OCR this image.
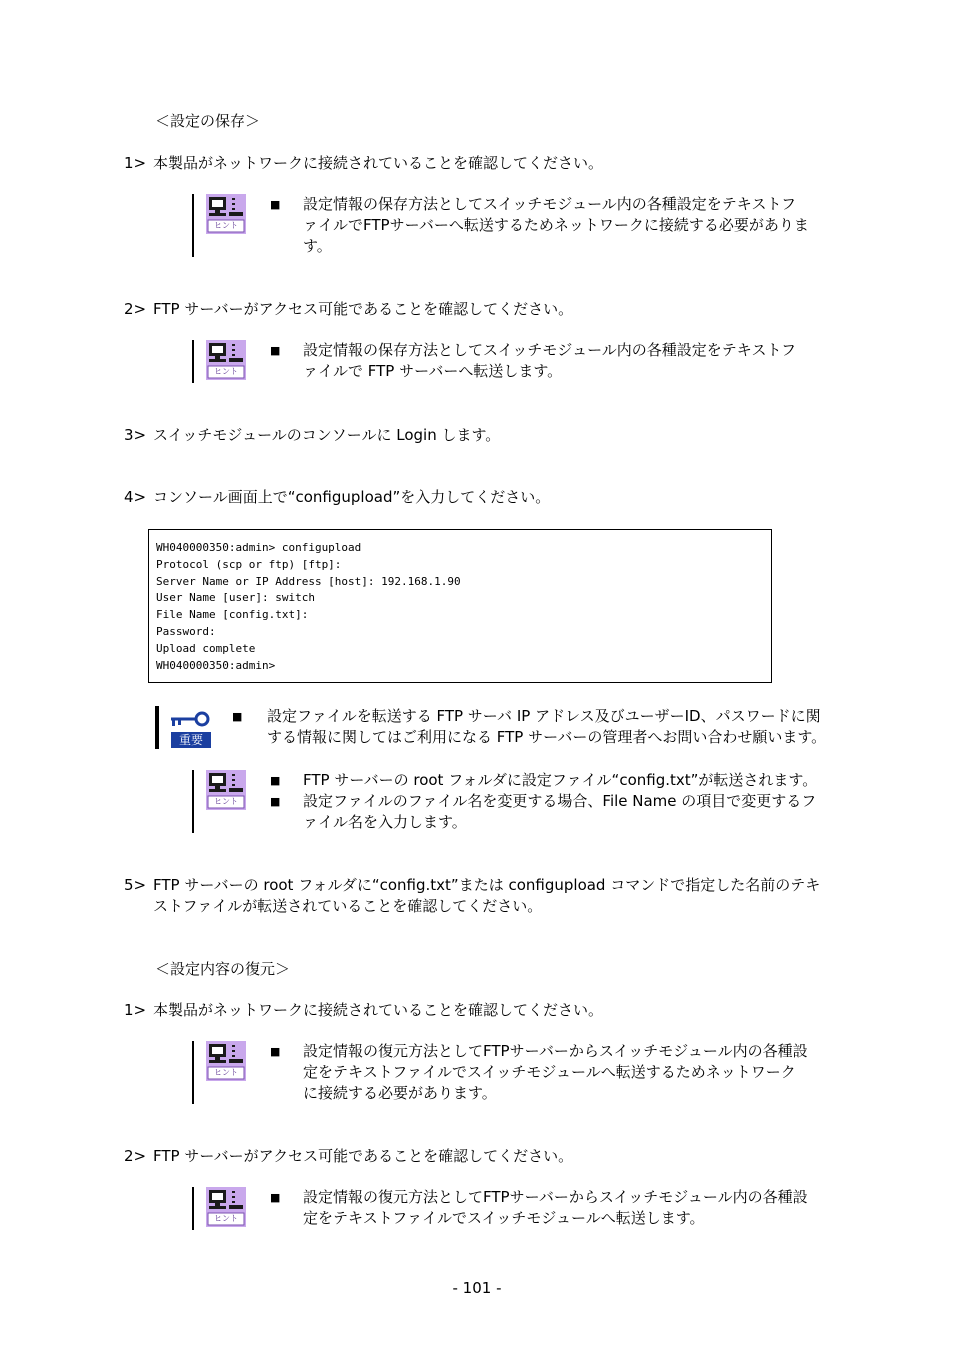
＜設定の保存＞
1> 本製品がネットワークに接続されていることを確認してください。
ヒント
■ 設定情報の保存方法としてスイッチモジュール内の各種設定をテキストフ
ァイルでFTPサーバーへ転送するためネットワークに接続する必要がありま
す。
2> FTP サーバーがアクセス可能であることを確認してください。
ヒント
■ 設定情報の保存方法としてスイッチモジュール内の各種設定をテキストフ
ァイルで FTP サーバーへ転送します。
3> スイッチモジュールのコンソールに Login します。
4> コンソール画面上で“configupload”を入力してください。
WH040000350:admin> configupload
Protocol (scp or ftp) [ftp]:
Server Name or IP Address [host]: 192.168.1.90
User Name [user]: switch
File Name [config.txt]:
Password:
Upload complete
WH040000350:admin>
重要
■ 設定ファイルを転送する FTP サーバ IP アドレス及びユーザーID、パスワードに関
する情報に関してはご利用になる FTP サーバーの管理者へお問い合わせ願います。
ヒント
■ FTP サーバーの root フォルダに設定ファイル“config.txt”が転送されます。
■ 設定ファイルのファイル名を変更する場合、File Name の項目で変更するフ
ァイル名を入力します。
5> FTP サーバーの root フォルダに“config.txt”または configupload コマンドで指定した名前のテキ
ストファイルが転送されていることを確認してください。
＜設定内容の復元＞
1> 本製品がネットワークに接続されていることを確認してください。
ヒント
■ 設定情報の復元方法としてFTPサーバーからスイッチモジュール内の各種設
定をテキストファイルでスイッチモジュールへ転送するためネットワーク
に接続する必要があります。
2> FTP サーバーがアクセス可能であることを確認してください。
ヒント
■ 設定情報の復元方法としてFTPサーバーからスイッチモジュール内の各種設
定をテキストファイルでスイッチモジュールへ転送します。
- 101 -
